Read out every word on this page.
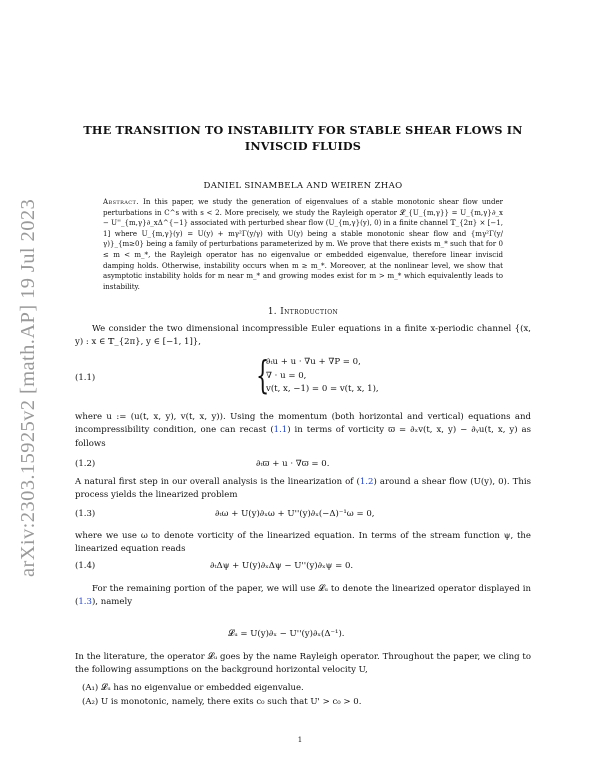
arXiv:2303.15925v2 [math.AP] 19 Jul 2023
THE TRANSITION TO INSTABILITY FOR STABLE SHEAR FLOWS IN
INVISCID FLUIDS
DANIEL SINAMBELA AND WEIREN ZHAO
Abstract. In this paper, we study the generation of eigenvalues of a stable monotonic shear flow under perturbations in C^s with s < 2. More precisely, we study the Rayleigh operator 𝓛_{U_{m,γ}} = U_{m,γ}∂_x − U''_{m,γ}∂_xΔ^{−1} associated with perturbed shear flow (U_{m,γ}(y), 0) in a finite channel 𝕋_{2π} × [−1, 1] where U_{m,γ}(y) = U(y) + mγ²Γ(y/γ) with U(y) being a stable monotonic shear flow and {mγ²Γ(y/γ)}_{m≥0} being a family of perturbations parameterized by m. We prove that there exists m_* such that for 0 ≤ m < m_*, the Rayleigh operator has no eigenvalue or embedded eigenvalue, therefore linear inviscid damping holds. Otherwise, instability occurs when m ≥ m_*. Moreover, at the nonlinear level, we show that asymptotic instability holds for m near m_* and growing modes exist for m > m_* which equivalently leads to instability.
1. Introduction
We consider the two dimensional incompressible Euler equations in a finite x-periodic channel {(x, y) : x ∈ 𝕋_{2π}, y ∈ [−1, 1]},
(1.1)	{
∂ₜu + u · ∇u + ∇P = 0,
∇ · u = 0,
v(t, x, −1) = 0 = v(t, x, 1),
where u := (u(t, x, y), v(t, x, y)). Using the momentum (both horizontal and vertical) equations and incompressibility condition, one can recast (1.1) in terms of vorticity ϖ = ∂ₓv(t, x, y) − ∂ᵧu(t, x, y) as follows
(1.2)	∂ₜϖ + u · ∇ϖ = 0.
A natural first step in our overall analysis is the linearization of (1.2) around a shear flow (U(y), 0). This process yields the linearized problem
(1.3)	∂ₜω + U(y)∂ₓω + U''(y)∂ₓ(−Δ)⁻¹ω = 0,
where we use ω to denote vorticity of the linearized equation. In terms of the stream function ψ, the linearized equation reads
(1.4)	∂ₜΔψ + U(y)∂ₓΔψ − U''(y)∂ₓψ = 0.
For the remaining portion of the paper, we will use 𝓛ᵤ to denote the linearized operator displayed in (1.3), namely
𝓛ᵤ = U(y)∂ₓ − U''(y)∂ₓ(Δ⁻¹).
In the literature, the operator 𝓛ᵤ goes by the name Rayleigh operator. Throughout the paper, we cling to the following assumptions on the background horizontal velocity U,
(A₁) 𝓛ᵤ has no eigenvalue or embedded eigenvalue.
(A₂) U is monotonic, namely, there exits c₀ such that U' > c₀ > 0.
1
